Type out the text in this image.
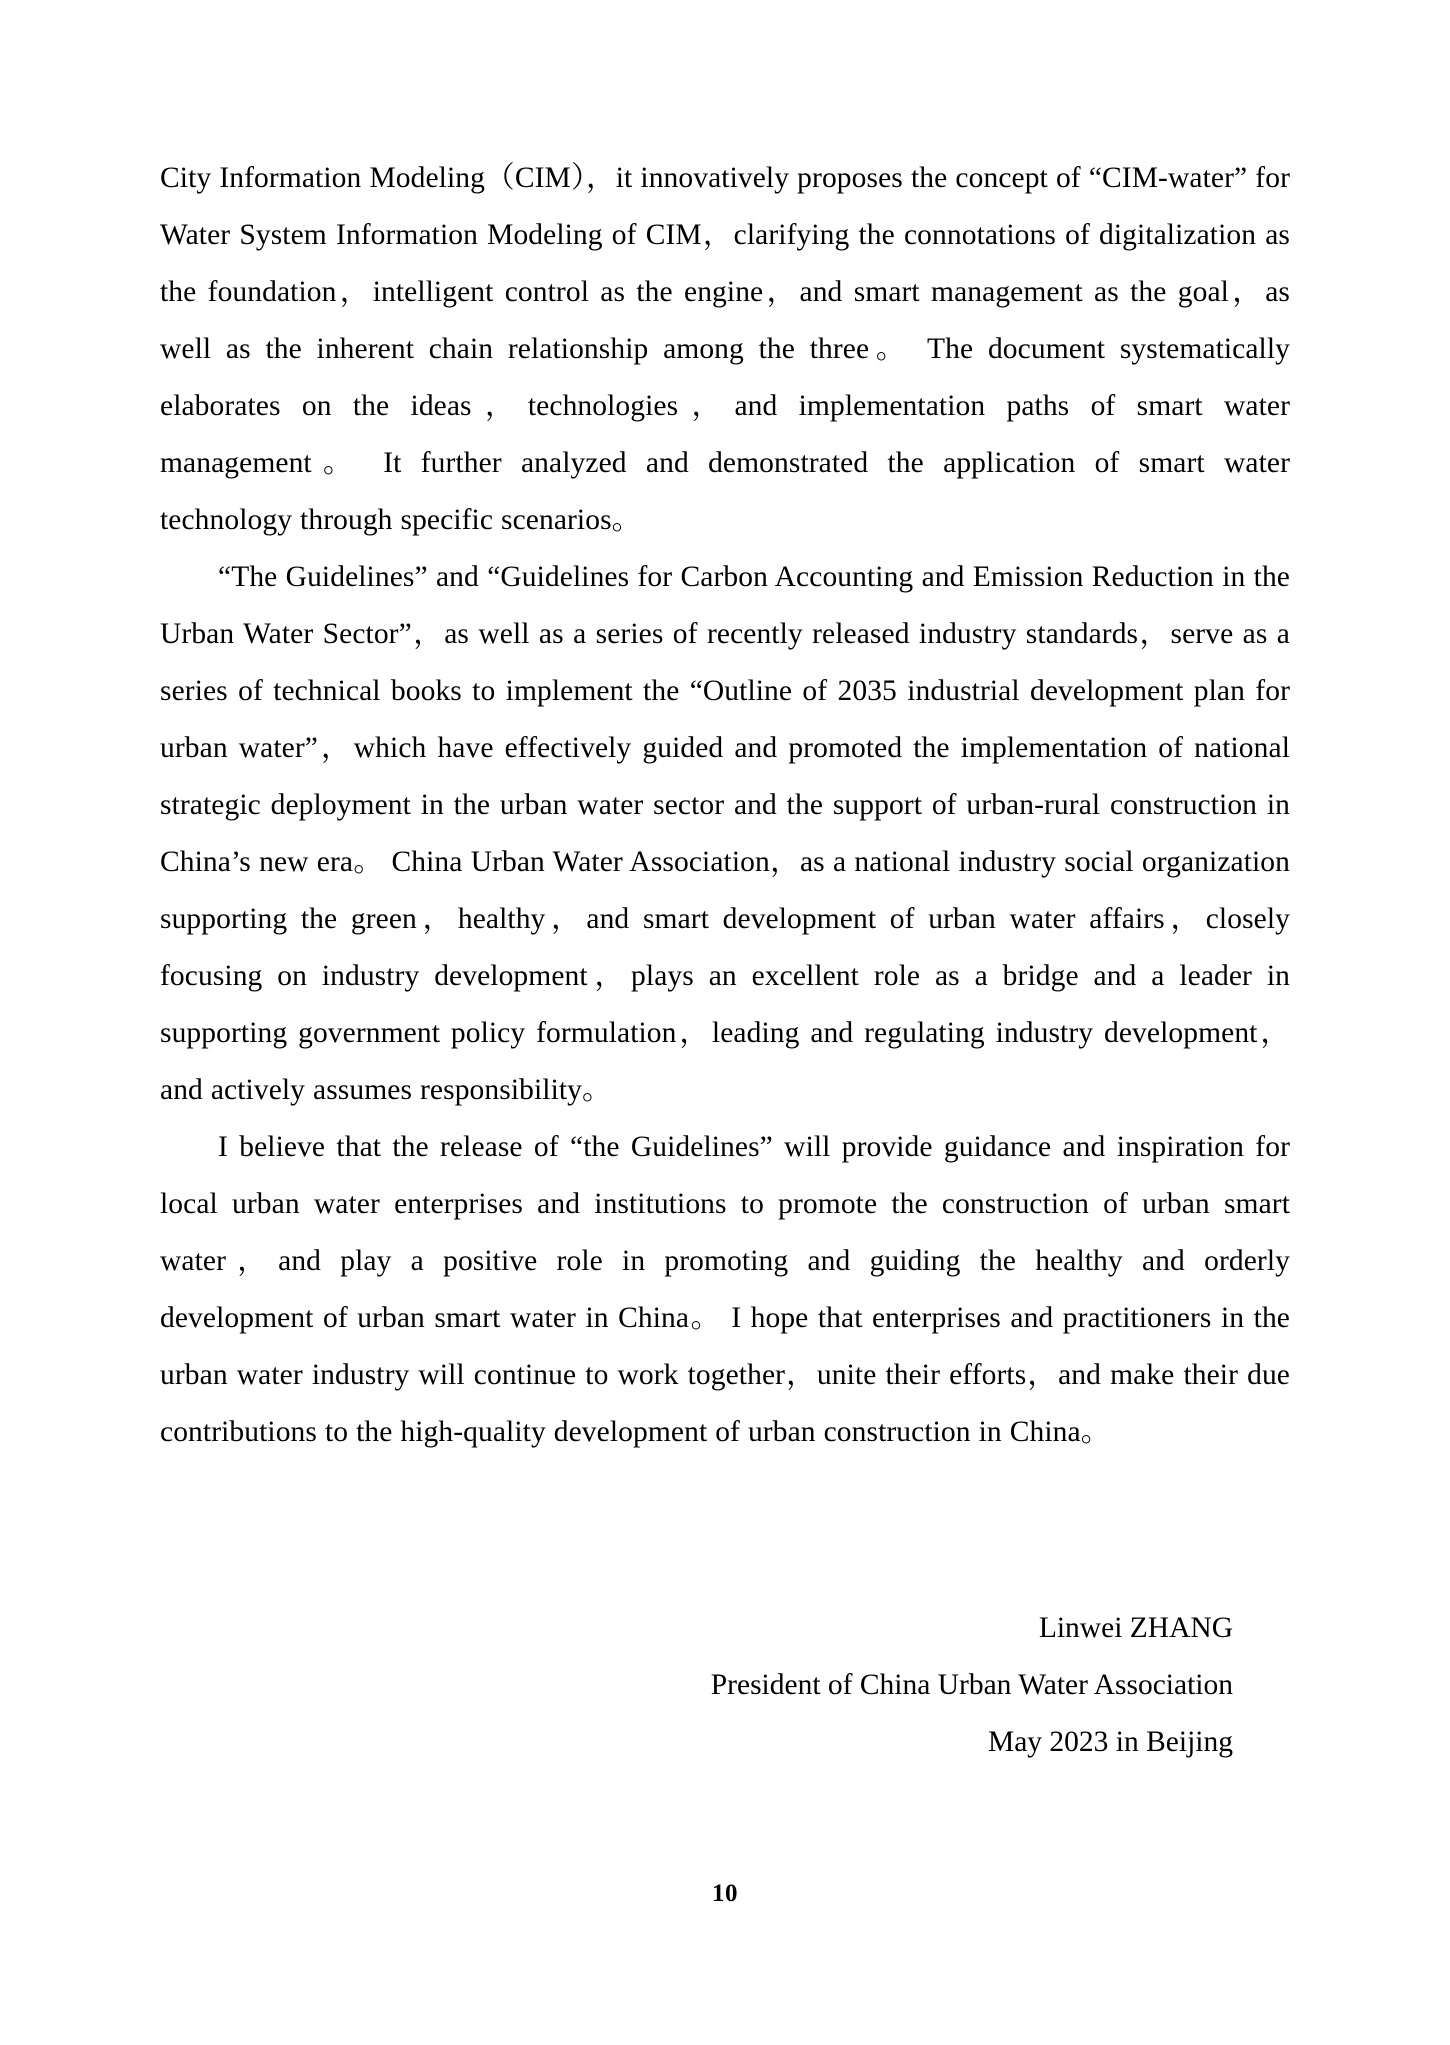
City Information Modeling（CIM），it innovatively proposes the concept of “CIM-water” for Water System Information Modeling of CIM，clarifying the connotations of digitalization as the foundation，intelligent control as the engine，and smart management as the goal，as well as the inherent chain relationship among the three。 The document systematically elaborates on the ideas，technologies，and implementation paths of smart water management。 It further analyzed and demonstrated the application of smart water technology through specific scenarios。

“The Guidelines” and “Guidelines for Carbon Accounting and Emission Reduction in the Urban Water Sector”，as well as a series of recently released industry standards，serve as a series of technical books to implement the “Outline of 2035 industrial development plan for urban water”，which have effectively guided and promoted the implementation of national strategic deployment in the urban water sector and the support of urban-rural construction in China’s new era。 China Urban Water Association，as a national industry social organization supporting the green，healthy，and smart development of urban water affairs，closely focusing on industry development，plays an excellent role as a bridge and a leader in supporting government policy formulation，leading and regulating industry development，and actively assumes responsibility。

I believe that the release of “the Guidelines” will provide guidance and inspiration for local urban water enterprises and institutions to promote the construction of urban smart water，and play a positive role in promoting and guiding the healthy and orderly development of urban smart water in China。 I hope that enterprises and practitioners in the urban water industry will continue to work together，unite their efforts，and make their due contributions to the high-quality development of urban construction in China。

Linwei ZHANG
President of China Urban Water Association
May 2023 in Beijing
10
